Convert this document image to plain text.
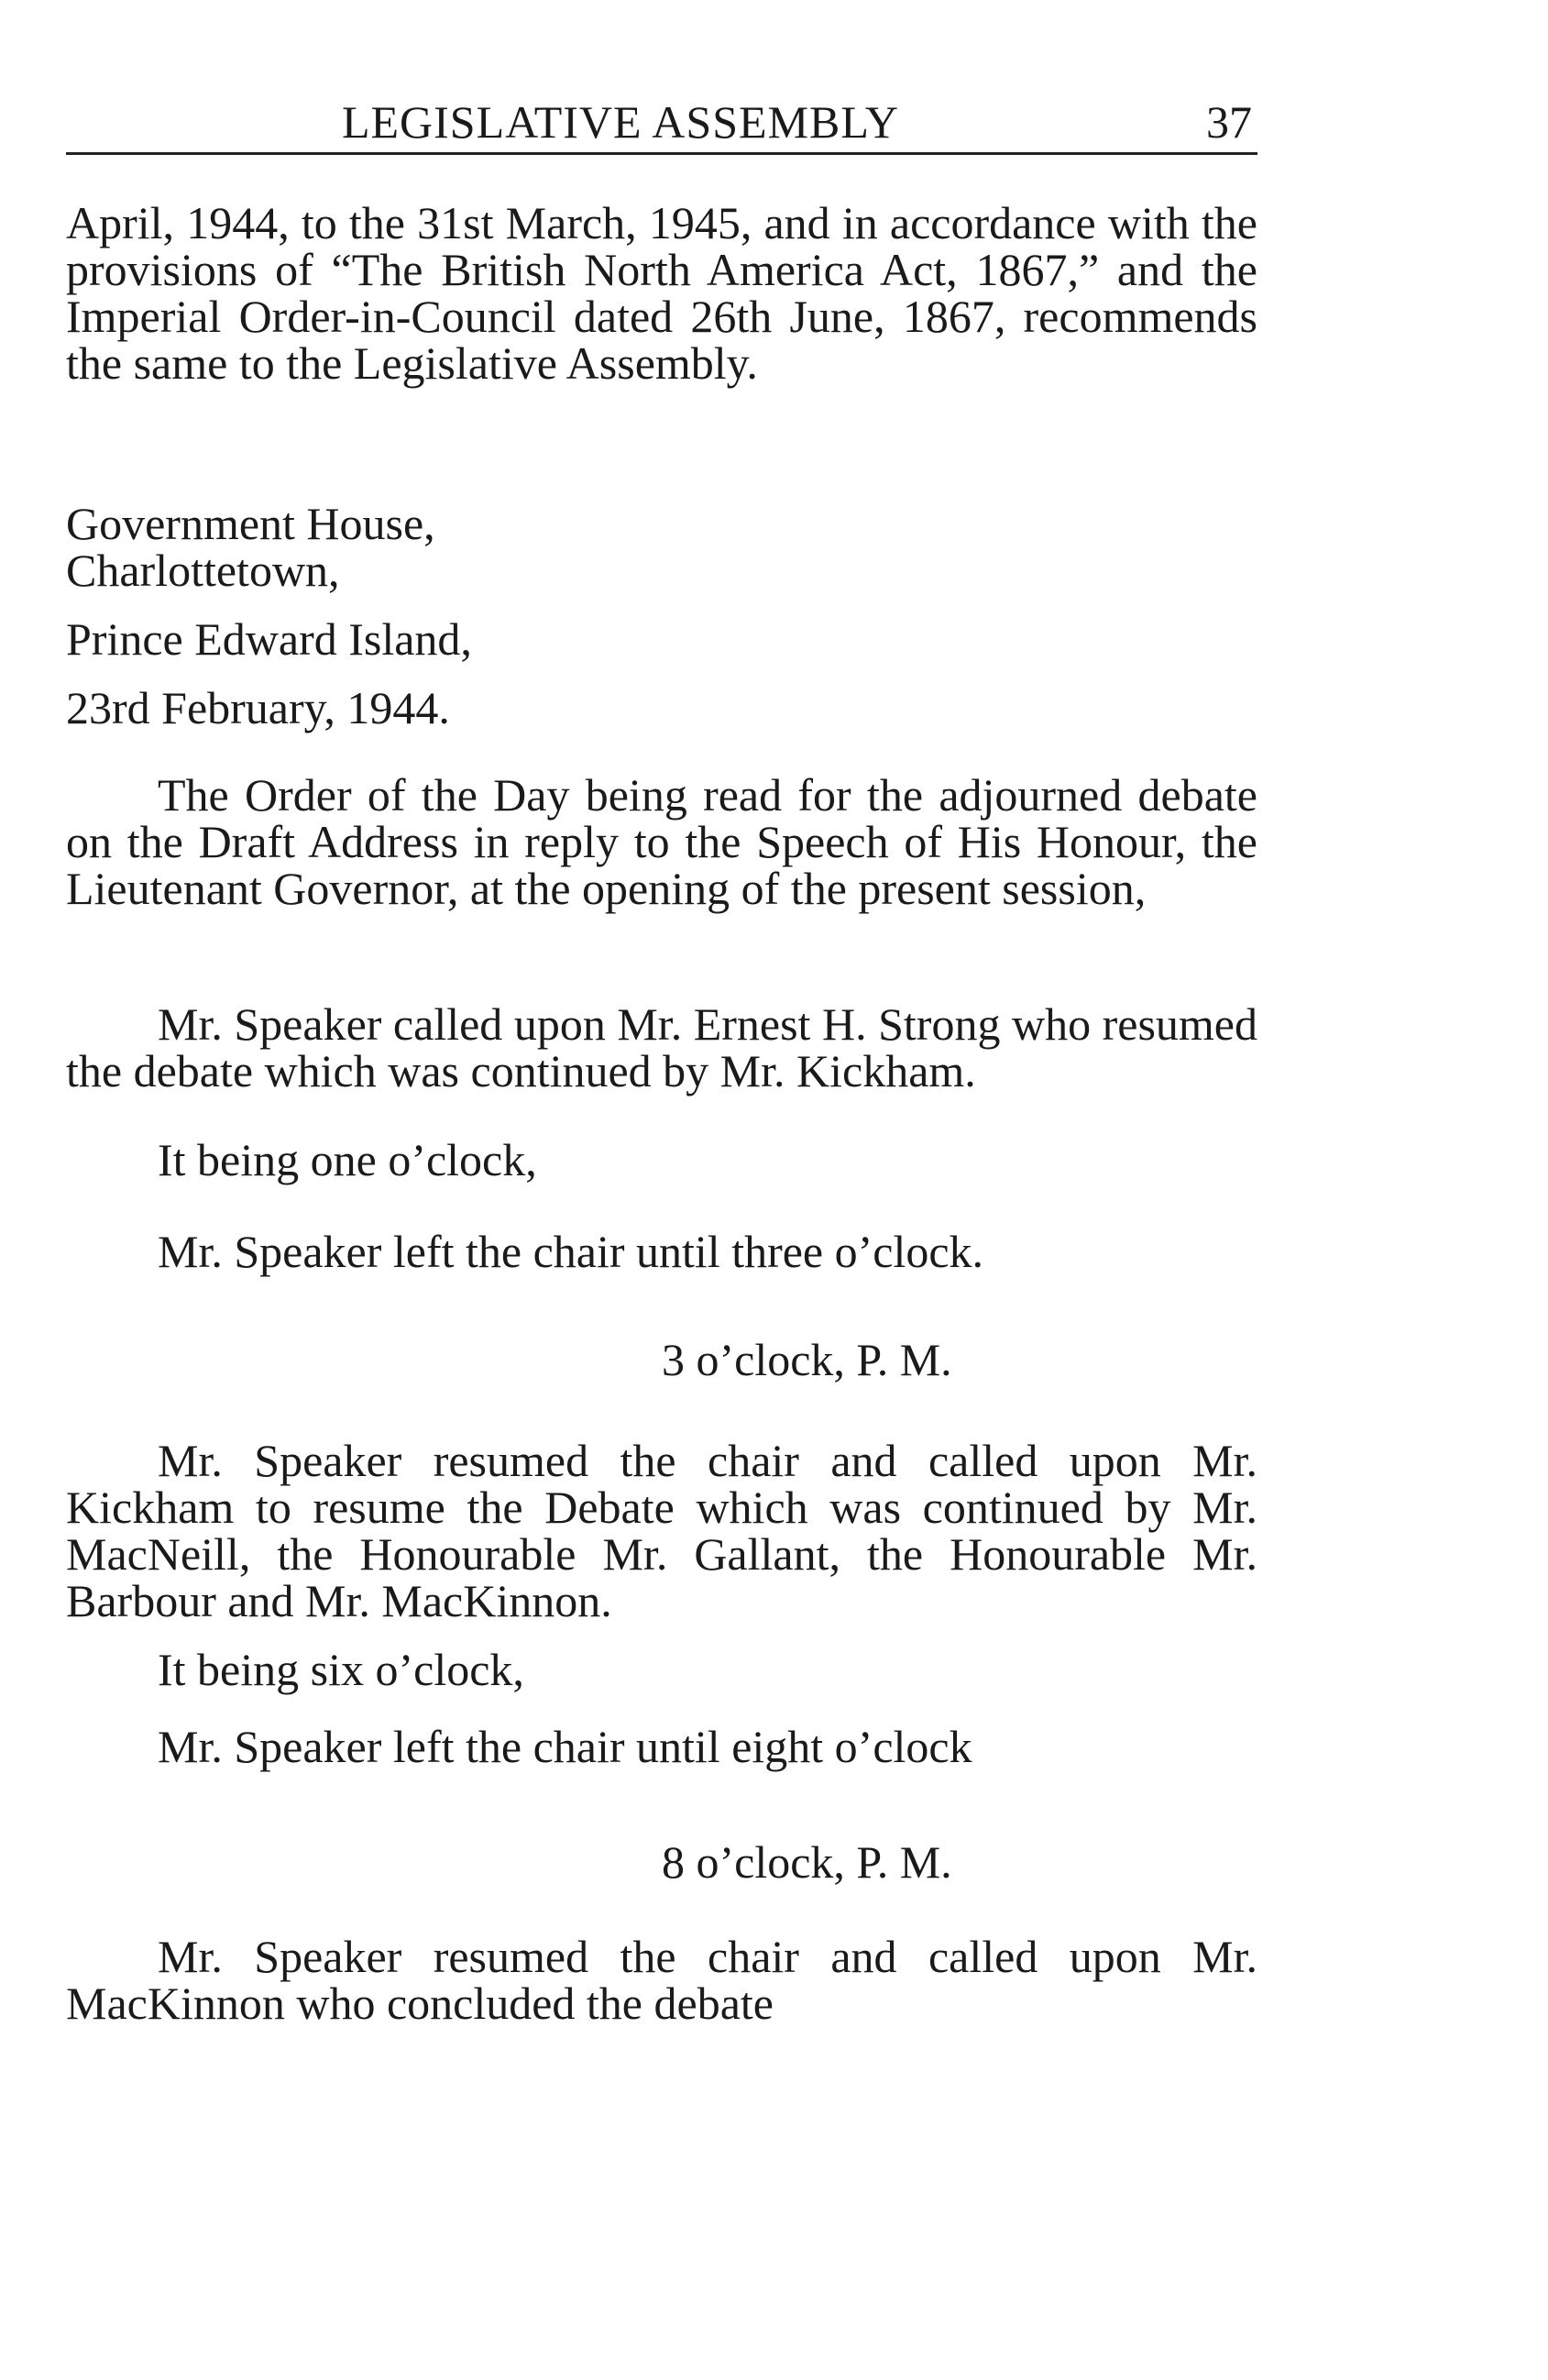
LEGISLATIVE ASSEMBLY	37

April, 1944, to the 31st March, 1945, and in accordance with the provisions of “The British North America Act, 1867,” and the Imperial Order-in-Council dated 26th June, 1867, recommends the same to the Legislative Assembly.

Government House,

Charlottetown,

Prince Edward Island,

23rd February, 1944.

The Order of the Day being read for the adjourned debate on the Draft Address in reply to the Speech of His Honour, the Lieutenant Governor, at the opening of the present session,

Mr. Speaker called upon Mr. Ernest H. Strong who resumed the debate which was continued by Mr. Kickham.

It being one o’clock,

Mr. Speaker left the chair until three o’clock.

3 o’clock, P. M.

Mr. Speaker resumed the chair and called upon Mr. Kickham to resume the Debate which was continued by Mr. MacNeill, the Honourable Mr. Gallant, the Honourable Mr. Barbour and Mr. MacKinnon.

It being six o’clock,

Mr. Speaker left the chair until eight o’clock

8 o’clock, P. M.

Mr. Speaker resumed the chair and called upon Mr. MacKinnon who concluded the debate
